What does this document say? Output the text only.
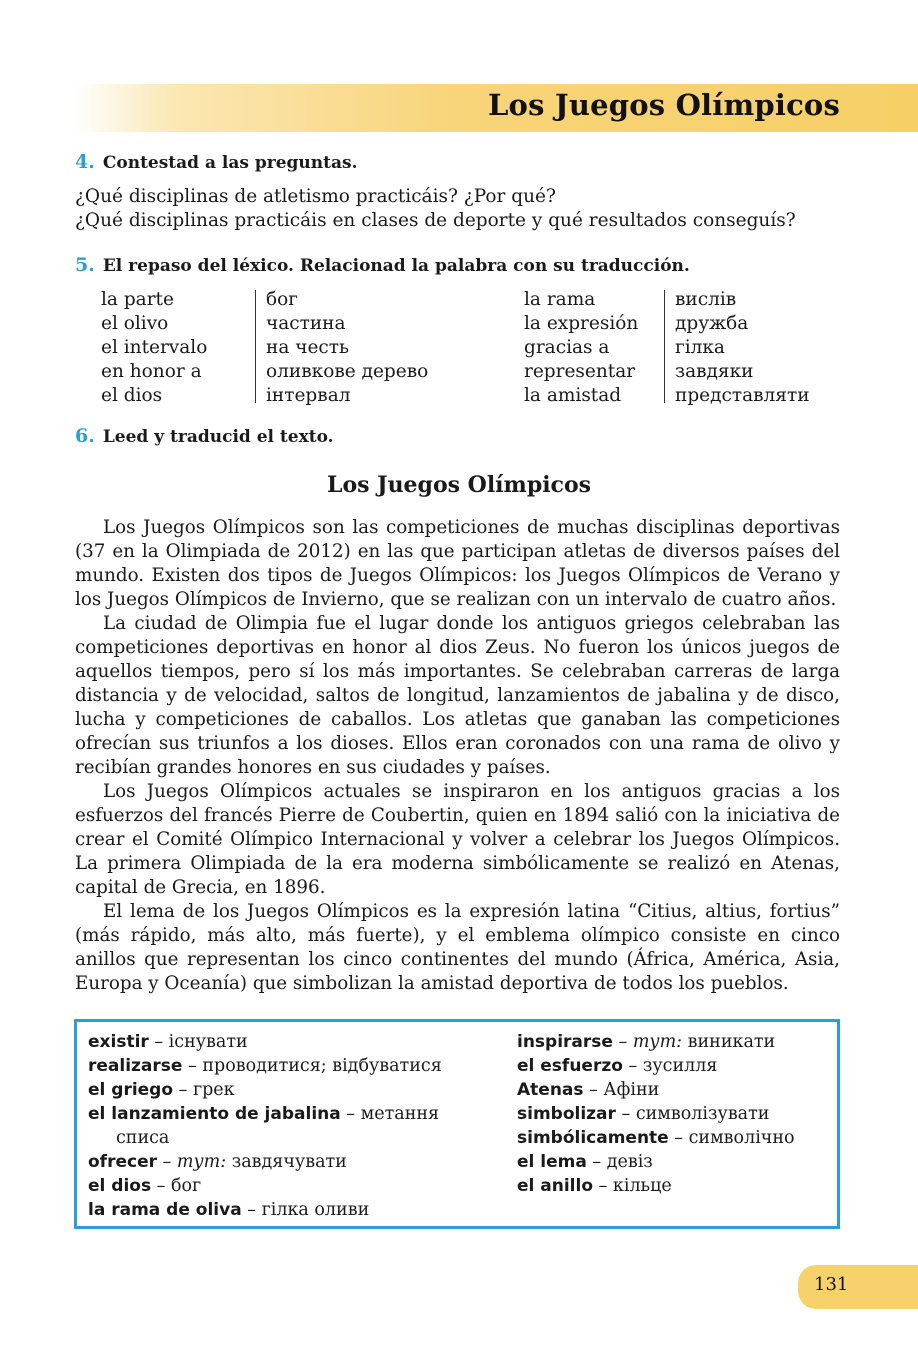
Los Juegos Olímpicos
4. Contestad a las preguntas.
¿Qué disciplinas de atletismo practicáis? ¿Por qué?
¿Qué disciplinas practicáis en clases de deporte y qué resultados conseguís?
5. El repaso del léxico. Relacionad la palabra con su traducción.
la parte
el olivo
el intervalo
en honor a
el dios
бог
частина
на честь
оливкове дерево
інтервал
la rama
la expresión
gracias a
representar
la amistad
вислів
дружба
гілка
завдяки
представляти
6. Leed y traducid el texto.
Los Juegos Olímpicos

Los Juegos Olímpicos son las competiciones de muchas disciplinas deportivas (37 en la Olimpiada de 2012) en las que participan atletas de diversos países del mundo. Existen dos tipos de Juegos Olímpicos: los Juegos Olímpicos de Verano y los Juegos Olímpicos de Invierno, que se realizan con un intervalo de cuatro años.

La ciudad de Olimpia fue el lugar donde los antiguos griegos celebraban las competiciones deportivas en honor al dios Zeus. No fueron los únicos juegos de aquellos tiempos, pero sí los más importantes. Se celebraban carreras de larga distancia y de velocidad, saltos de longitud, lanzamientos de jabalina y de disco, lucha y competiciones de caballos. Los atletas que ganaban las competiciones ofrecían sus triunfos a los dioses. Ellos eran coronados con una rama de olivo y recibían grandes honores en sus ciudades y países.

Los Juegos Olímpicos actuales se inspiraron en los antiguos gracias a los esfuerzos del francés Pierre de Coubertin, quien en 1894 salió con la iniciativa de crear el Comité Olímpico Internacional y volver a celebrar los Juegos Olímpicos. La primera Olimpiada de la era moderna simbólicamente se realizó en Atenas, capital de Grecia, en 1896.

El lema de los Juegos Olímpicos es la expresión latina “Citius, altius, fortius” (más rápido, más alto, más fuerte), y el emblema olímpico consiste en cinco anillos que representan los cinco continentes del mundo (África, América, Asia, Europa y Oceanía) que simbolizan la amistad deportiva de todos los pueblos.

existir – існувати
realizarse – проводитися; відбуватися
el griego – грек
el lanzamiento de jabalina – метання
списа
ofrecer – тут: завдячувати
el dios – бог
la rama de oliva – гілка оливи
inspirarse – тут: виникати
el esfuerzo – зусилля
Atenas – Афіни
simbolizar – символізувати
simbólicamente – символічно
el lema – девіз
el anillo – кільце
131
